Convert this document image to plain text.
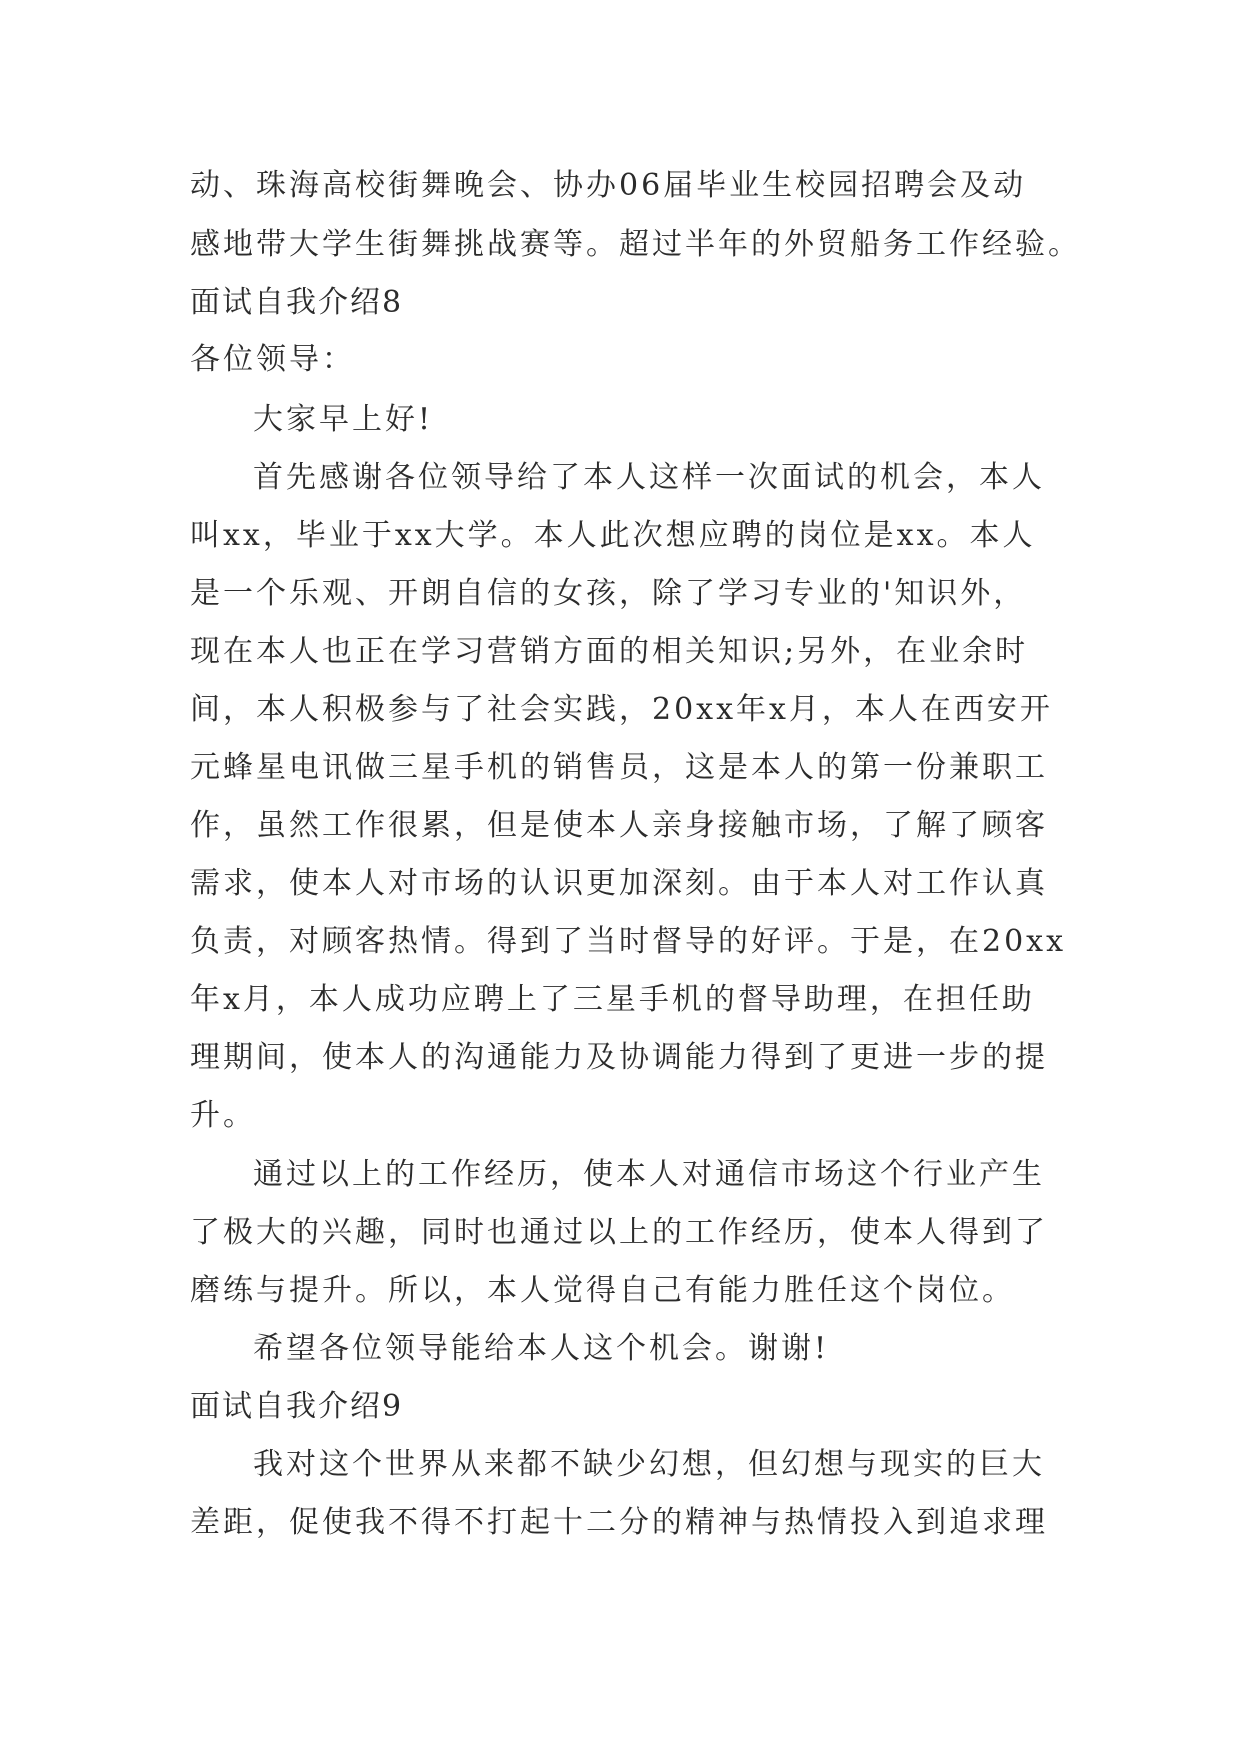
动、珠海高校街舞晚会、协办06届毕业生校园招聘会及动
感地带大学生街舞挑战赛等。超过半年的外贸船务工作经验。
面试自我介绍8
各位领导：
大家早上好!
首先感谢各位领导给了本人这样一次面试的机会，本人
叫xx，毕业于xx大学。本人此次想应聘的岗位是xx。本人
是一个乐观、开朗自信的女孩，除了学习专业的'知识外，
现在本人也正在学习营销方面的相关知识;另外，在业余时
间，本人积极参与了社会实践，20xx年x月，本人在西安开
元蜂星电讯做三星手机的销售员，这是本人的第一份兼职工
作，虽然工作很累，但是使本人亲身接触市场，了解了顾客
需求，使本人对市场的认识更加深刻。由于本人对工作认真
负责，对顾客热情。得到了当时督导的好评。于是，在20xx
年x月，本人成功应聘上了三星手机的督导助理，在担任助
理期间，使本人的沟通能力及协调能力得到了更进一步的提
升。
通过以上的工作经历，使本人对通信市场这个行业产生
了极大的兴趣，同时也通过以上的工作经历，使本人得到了
磨练与提升。所以，本人觉得自己有能力胜任这个岗位。
希望各位领导能给本人这个机会。谢谢!
面试自我介绍9
我对这个世界从来都不缺少幻想，但幻想与现实的巨大
差距，促使我不得不打起十二分的精神与热情投入到追求理
